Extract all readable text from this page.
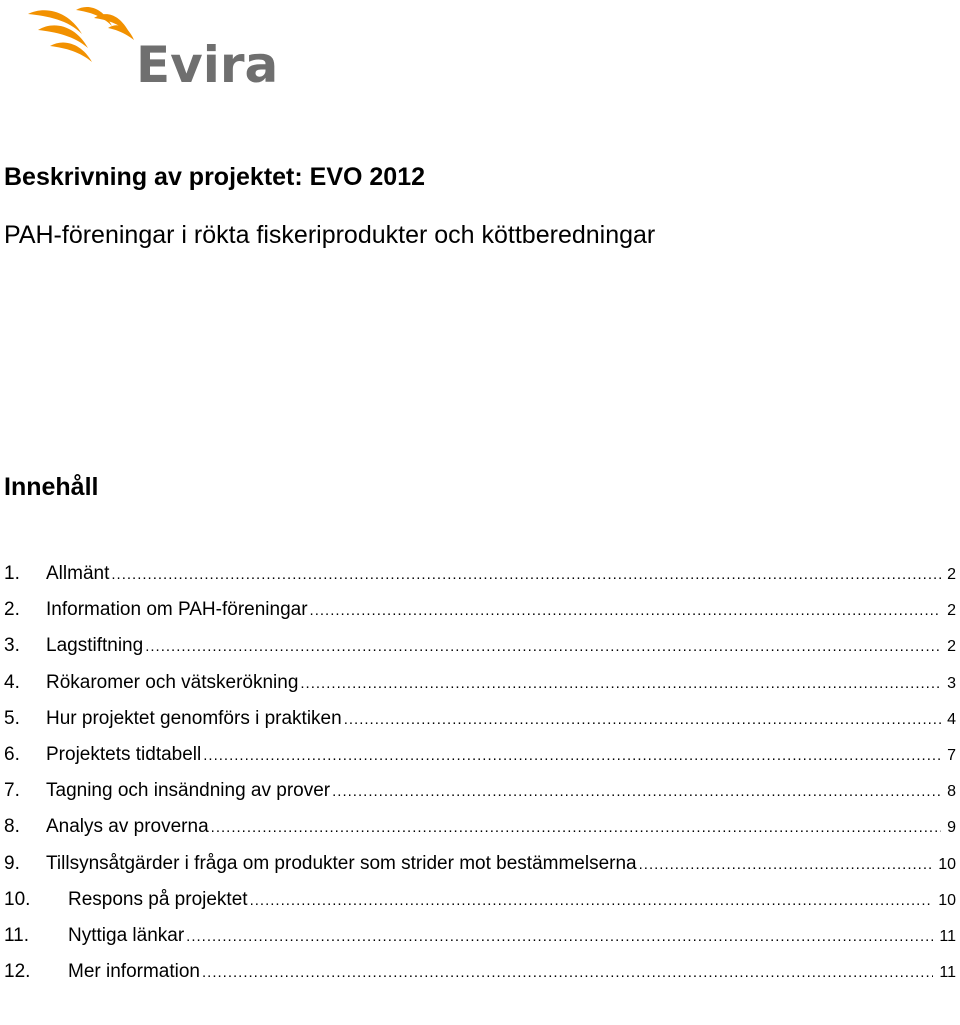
Evira
Beskrivning av projektet: EVO 2012
PAH-föreningar i rökta fiskeriprodukter och köttberedningar
Innehåll
1.	Allmänt .....	2
2.	Information om PAH-föreningar .....	2
3.	Lagstiftning .....	2
4.	Rökaromer och vätskerökning .....	3
5.	Hur projektet genomförs i praktiken .....	4
6.	Projektets tidtabell .....	7
7.	Tagning och insändning av prover .....	8
8.	Analys av proverna .....	9
9.	Tillsynsåtgärder i fråga om produkter som strider mot bestämmelserna .....	10
10.	Respons på projektet .....	10
11.	Nyttiga länkar .....	11
12.	Mer information .....	11
